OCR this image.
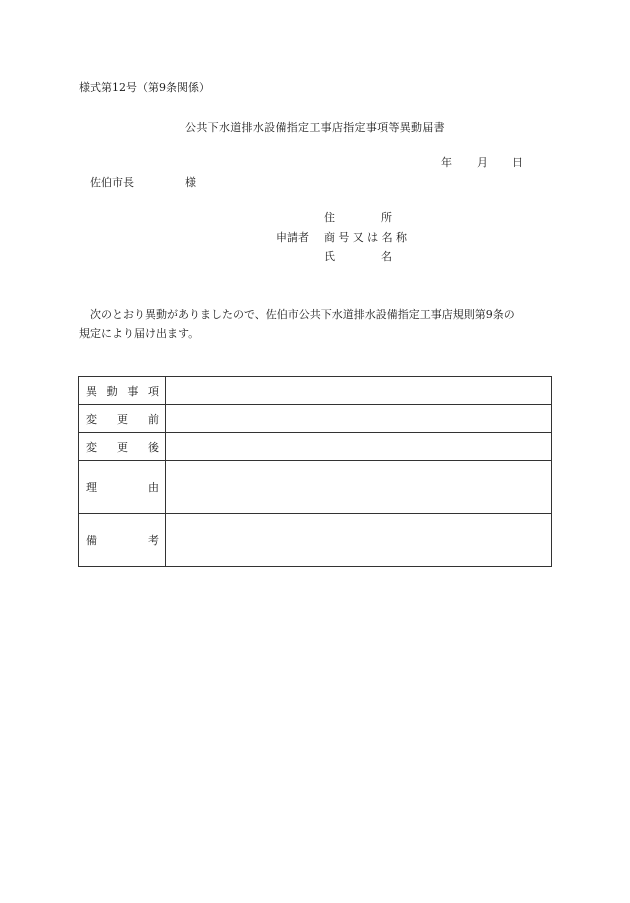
様式第12号（第9条関係）
公共下水道排水設備指定工事店指定事項等異動届書
年 月 日
佐伯市長	様
住	所
申請者 商 号 又 は 名 称
氏	名

　次のとおり異動がありましたので、佐伯市公共下水道排水設備指定工事店規則第9条の

規定により届け出ます。

異 動 事 項	

変 更 前	

変 更 後	

理 由	

備 考	
